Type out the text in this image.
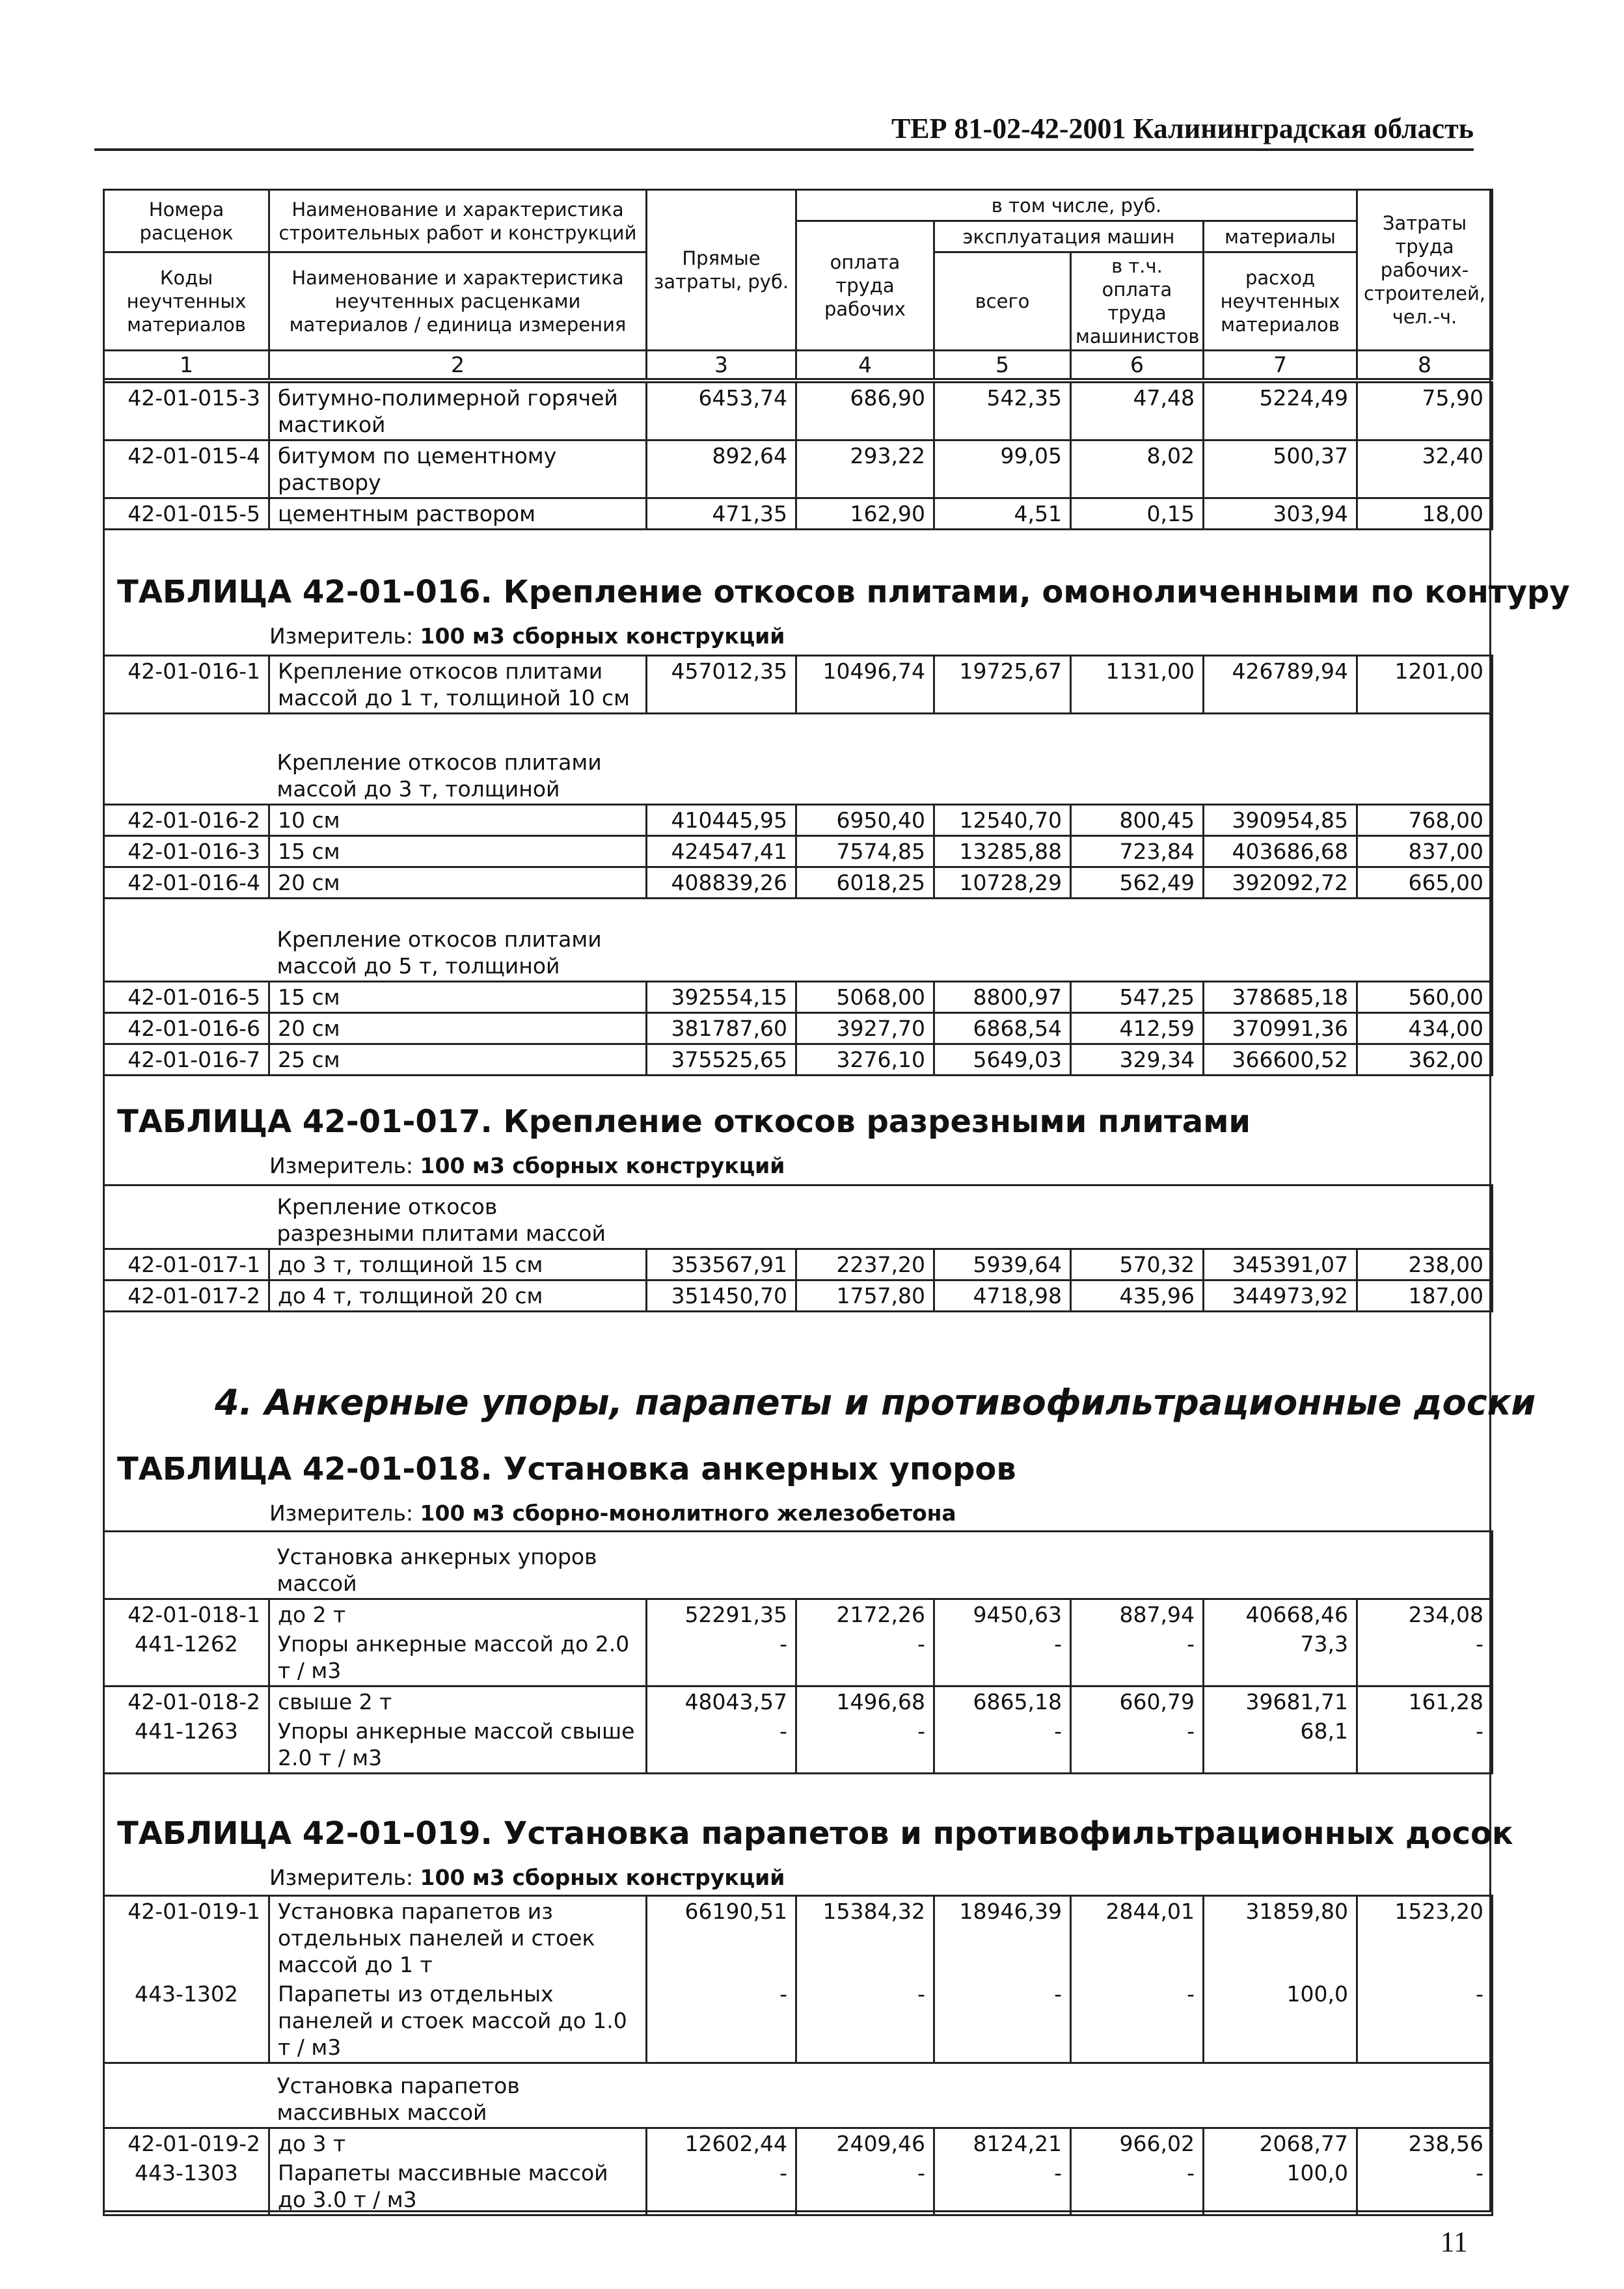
ТЕР 81-02-42-2001 Калининградская область
Номера расценок	Наименование и характеристика строительных работ и конструкций	Прямые затраты, руб.	в том числе, руб.				Затраты труда рабочих-строителей, чел.-ч.
			оплата труда рабочих	эксплуатация машин		материалы	
Коды неучтенных материалов	Наименование и характеристика неучтенных расценками материалов / единица измерения			всего	в т.ч. оплата труда машинистов	расход неучтенных материалов	
1	2	3	4	5	6	7	8
42-01-015-3	битумно-полимерной горячей мастикой	6453,74	686,90	542,35	47,48	5224,49	75,90
42-01-015-4	битумом по цементному раствору	892,64	293,22	99,05	8,02	500,37	32,40
42-01-015-5	цементным раствором	471,35	162,90	4,51	0,15	303,94	18,00
ТАБЛИЦА 42-01-016. Крепление откосов плитами, омоноличенными по контуру
Измеритель: 100 м3 сборных конструкций
42-01-016-1	Крепление откосов плитами массой до 1 т, толщиной 10 см	457012,35	10496,74	19725,67	1131,00	426789,94	1201,00

	Крепление откосов плитами массой до 3 т, толщиной						

42-01-016-2	10 см	410445,95	6950,40	12540,70	800,45	390954,85	768,00
42-01-016-3	15 см	424547,41	7574,85	13285,88	723,84	403686,68	837,00
42-01-016-4	20 см	408839,26	6018,25	10728,29	562,49	392092,72	665,00

	Крепление откосов плитами массой до 5 т, толщиной						

42-01-016-5	15 см	392554,15	5068,00	8800,97	547,25	378685,18	560,00
42-01-016-6	20 см	381787,60	3927,70	6868,54	412,59	370991,36	434,00
42-01-016-7	25 см	375525,65	3276,10	5649,03	329,34	366600,52	362,00
ТАБЛИЦА 42-01-017. Крепление откосов разрезными плитами
Измеритель: 100 м3 сборных конструкций

	Крепление откосов разрезными плитами массой						

42-01-017-1	до 3 т, толщиной 15 см	353567,91	2237,20	5939,64	570,32	345391,07	238,00
42-01-017-2	до 4 т, толщиной 20 см	351450,70	1757,80	4718,98	435,96	344973,92	187,00
4. Анкерные упоры, парапеты и противофильтрационные доски
ТАБЛИЦА 42-01-018. Установка анкерных упоров
Измеритель: 100 м3 сборно-монолитного железобетона

	Установка анкерных упоров массой						

42-01-018-1	до 2 т	52291,35	2172,26	9450,63	887,94	40668,46	234,08
441-1262	Упоры анкерные массой до 2.0 т / м3	-	-	-	-	73,3	-
42-01-018-2	свыше 2 т	48043,57	1496,68	6865,18	660,79	39681,71	161,28
441-1263	Упоры анкерные массой свыше 2.0 т / м3	-	-	-	-	68,1	-
ТАБЛИЦА 42-01-019. Установка парапетов и противофильтрационных досок
Измеритель: 100 м3 сборных конструкций
42-01-019-1	Установка парапетов из отдельных панелей и стоек массой до 1 т	66190,51	15384,32	18946,39	2844,01	31859,80	1523,20
443-1302	Парапеты из отдельных панелей и стоек массой до 1.0 т / м3	-	-	-	-	100,0	-

	Установка парапетов массивных массой						

42-01-019-2	до 3 т	12602,44	2409,46	8124,21	966,02	2068,77	238,56
443-1303	Парапеты массивные массой до 3.0 т / м3	-	-	-	-	100,0	-
11
